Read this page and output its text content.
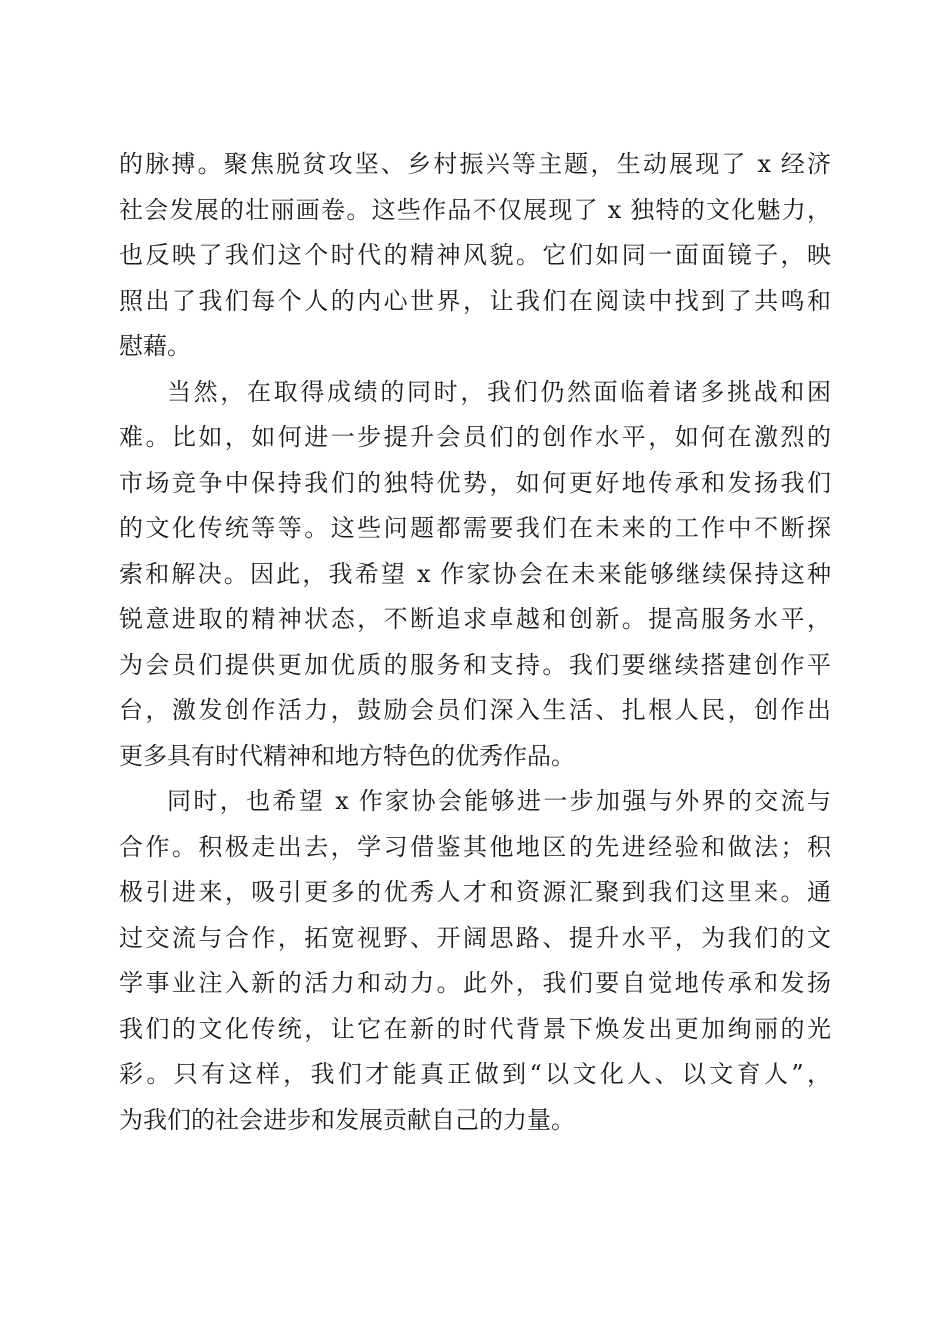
的脉搏。聚焦脱贫攻坚、乡村振兴等主题，生动展现了 x 经济
社会发展的壮丽画卷。这些作品不仅展现了 x 独特的文化魅力，
也反映了我们这个时代的精神风貌。它们如同一面面镜子，映
照出了我们每个人的内心世界，让我们在阅读中找到了共鸣和
慰藉。

当然，在取得成绩的同时，我们仍然面临着诸多挑战和困
难。比如，如何进一步提升会员们的创作水平，如何在激烈的
市场竞争中保持我们的独特优势，如何更好地传承和发扬我们
的文化传统等等。这些问题都需要我们在未来的工作中不断探
索和解决。因此，我希望 x 作家协会在未来能够继续保持这种
锐意进取的精神状态，不断追求卓越和创新。提高服务水平，
为会员们提供更加优质的服务和支持。我们要继续搭建创作平
台，激发创作活力，鼓励会员们深入生活、扎根人民，创作出
更多具有时代精神和地方特色的优秀作品。

同时，也希望 x 作家协会能够进一步加强与外界的交流与
合作。积极走出去，学习借鉴其他地区的先进经验和做法；积
极引进来，吸引更多的优秀人才和资源汇聚到我们这里来。通
过交流与合作，拓宽视野、开阔思路、提升水平，为我们的文
学事业注入新的活力和动力。此外，我们要自觉地传承和发扬
我们的文化传统，让它在新的时代背景下焕发出更加绚丽的光
彩。只有这样，我们才能真正做到“以文化人、以文育人”，
为我们的社会进步和发展贡献自己的力量。
